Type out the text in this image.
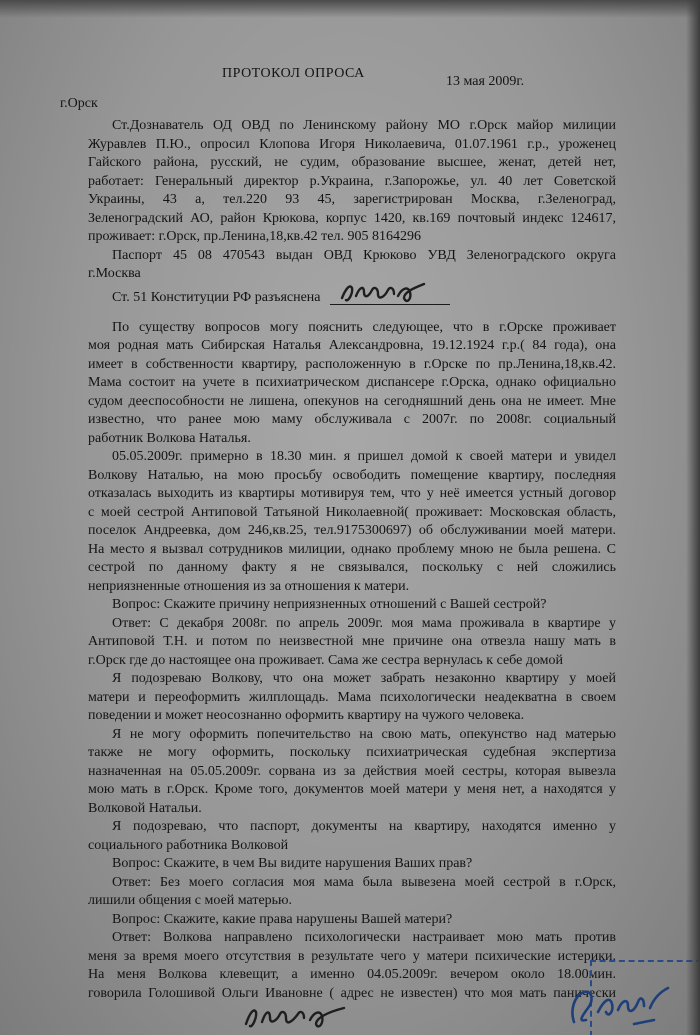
ПРОТОКОЛ ОПРОСА
13 мая 2009г.
г.Орск
Ст.Дознаватель ОД ОВД по Ленинскому району МО г.Орск майор милиции
Журавлев П.Ю., опросил Клопова Игоря Николаевича, 01.07.1961 г.р., уроженец
Гайского района, русский, не судим, образование высшее, женат, детей нет,
работает: Генеральный директор р.Украина, г.Запорожье, ул. 40 лет Советской
Украины, 43 а, тел.220 93 45, зарегистрирован Москва, г.Зеленоград,
Зеленоградский АО, район Крюкова, корпус 1420, кв.169 почтовый индекс 124617,
проживает: г.Орск, пр.Ленина,18,кв.42 тел. 905 8164296
Паспорт 45 08 470543 выдан ОВД Крюково УВД Зеленоградского округа
г.Москва
Ст. 51 Конституции РФ разъяснена
По существу вопросов могу пояснить следующее, что в г.Орске проживает
моя родная мать Сибирская Наталья Александровна, 19.12.1924 г.р.( 84 года), она
имеет в собственности квартиру, расположенную в г.Орске по пр.Ленина,18,кв.42.
Мама состоит на учете в психиатрическом диспансере г.Орска, однако официально
судом дееспособности не лишена, опекунов на сегодняшний день она не имеет. Мне
известно, что ранее мою маму обслуживала с 2007г. по 2008г. социальный
работник Волкова Наталья.
05.05.2009г. примерно в 18.30 мин. я пришел домой к своей матери и увидел
Волкову Наталью, на мою просьбу освободить помещение квартиру, последняя
отказалась выходить из квартиры мотивируя тем, что у неё имеется устный договор
с моей сестрой Антиповой Татьяной Николаевной( проживает: Московская область,
поселок Андреевка, дом 246,кв.25, тел.9175300697) об обслуживании моей матери.
На место я вызвал сотрудников милиции, однако проблему мною не была решена. С
сестрой по данному факту я не связывался, поскольку с ней сложились
неприязненные отношения из за отношения к матери.
Вопрос: Скажите причину неприязненных отношений с Вашей сестрой?
Ответ: С декабря 2008г. по апрель 2009г. моя мама проживала в квартире у
Антиповой Т.Н. и потом по неизвестной мне причине она отвезла нашу мать в
г.Орск где до настоящее она проживает. Сама же сестра вернулась к себе домой
Я подозреваю Волкову, что она может забрать незаконно квартиру у моей
матери и переоформить жилплощадь. Мама психологически неадекватна в своем
поведении и может неосознанно оформить квартиру на чужого человека.
Я не могу оформить попечительство на свою мать, опекунство над матерью
также не могу оформить, поскольку психиатрическая судебная экспертиза
назначенная на 05.05.2009г. сорвана из за действия моей сестры, которая вывезла
мою мать в г.Орск. Кроме того, документов моей матери у меня нет, а находятся у
Волковой Натальи.
Я подозреваю, что паспорт, документы на квартиру, находятся именно у
социального работника Волковой
Вопрос: Скажите, в чем Вы видите нарушения Ваших прав?
Ответ: Без моего согласия моя мама была вывезена моей сестрой в г.Орск,
лишили общения с моей матерью.
Вопрос: Скажите, какие права нарушены Вашей матери?
Ответ: Волкова направлено психологически настраивает мою мать против
меня за время моего отсутствия в результате чего у матери психические истерики.
На меня Волкова клевещит, а именно 04.05.2009г. вечером около 18.00мин.
говорила Голошивой Ольги Ивановне ( адрес не известен) что моя мать панически
